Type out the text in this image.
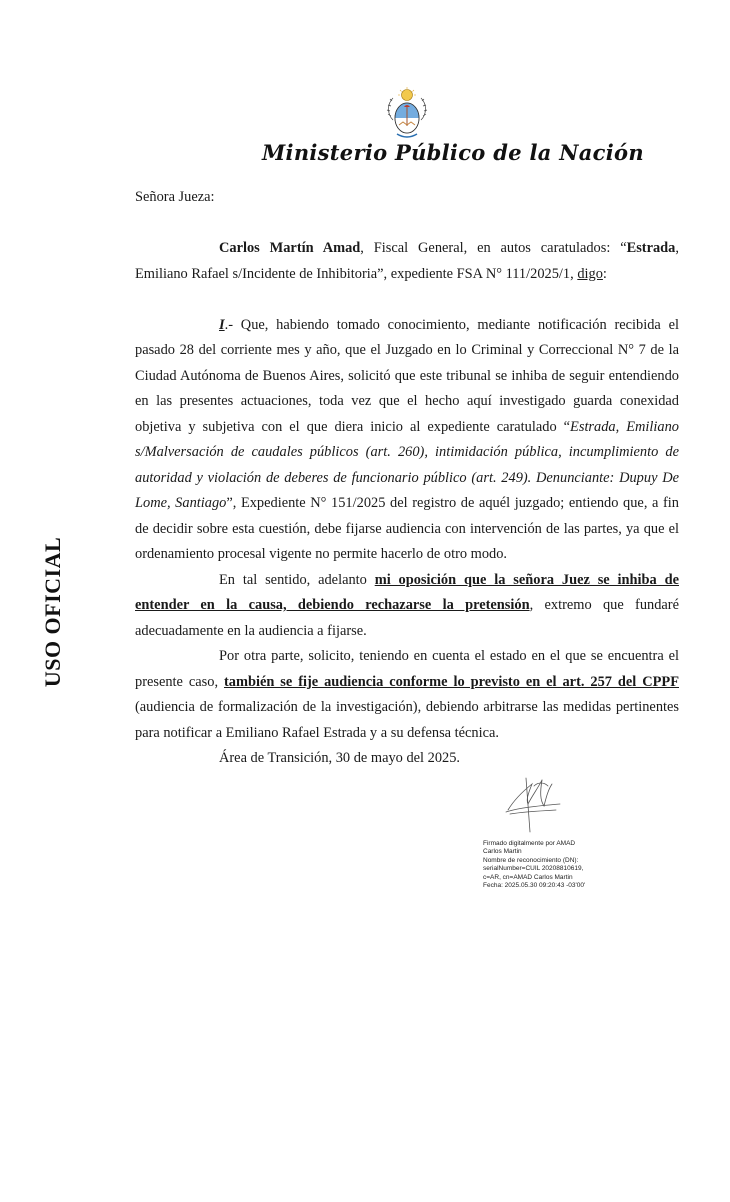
Ministerio Público de la Nación
USO OFICIAL

Señora Jueza:

Carlos Martín Amad, Fiscal General, en autos caratulados: “Estrada, Emiliano Rafael s/Incidente de Inhibitoria”, expediente FSA N° 111/2025/1, digo:

I.- Que, habiendo tomado conocimiento, mediante notificación recibida el pasado 28 del corriente mes y año, que el Juzgado en lo Criminal y Correccional N° 7 de la Ciudad Autónoma de Buenos Aires, solicitó que este tribunal se inhiba de seguir entendiendo en las presentes actuaciones, toda vez que el hecho aquí investigado guarda conexidad objetiva y subjetiva con el que diera inicio al expediente caratulado “Estrada, Emiliano s/Malversación de caudales públicos (art. 260), intimidación pública, incumplimiento de autoridad y violación de deberes de funcionario público (art. 249). Denunciante: Dupuy De Lome, Santiago”, Expediente N° 151/2025 del registro de aquél juzgado; entiendo que, a fin de decidir sobre esta cuestión, debe fijarse audiencia con intervención de las partes, ya que el ordenamiento procesal vigente no permite hacerlo de otro modo.

En tal sentido, adelanto mi oposición que la señora Juez se inhiba de entender en la causa, debiendo rechazarse la pretensión, extremo que fundaré adecuadamente en la audiencia a fijarse.

Por otra parte, solicito, teniendo en cuenta el estado en el que se encuentra el presente caso, también se fije audiencia conforme lo previsto en el art. 257 del CPPF (audiencia de formalización de la investigación), debiendo arbitrarse las medidas pertinentes para notificar a Emiliano Rafael Estrada y a su defensa técnica.

Área de Transición, 30 de mayo del 2025.

Firmado digitalmente por AMAD
Carlos Martin
Nombre de reconocimiento (DN):
serialNumber=CUIL 20208810619,
c=AR, cn=AMAD Carlos Martin
Fecha: 2025.05.30 09:20:43 -03'00'
